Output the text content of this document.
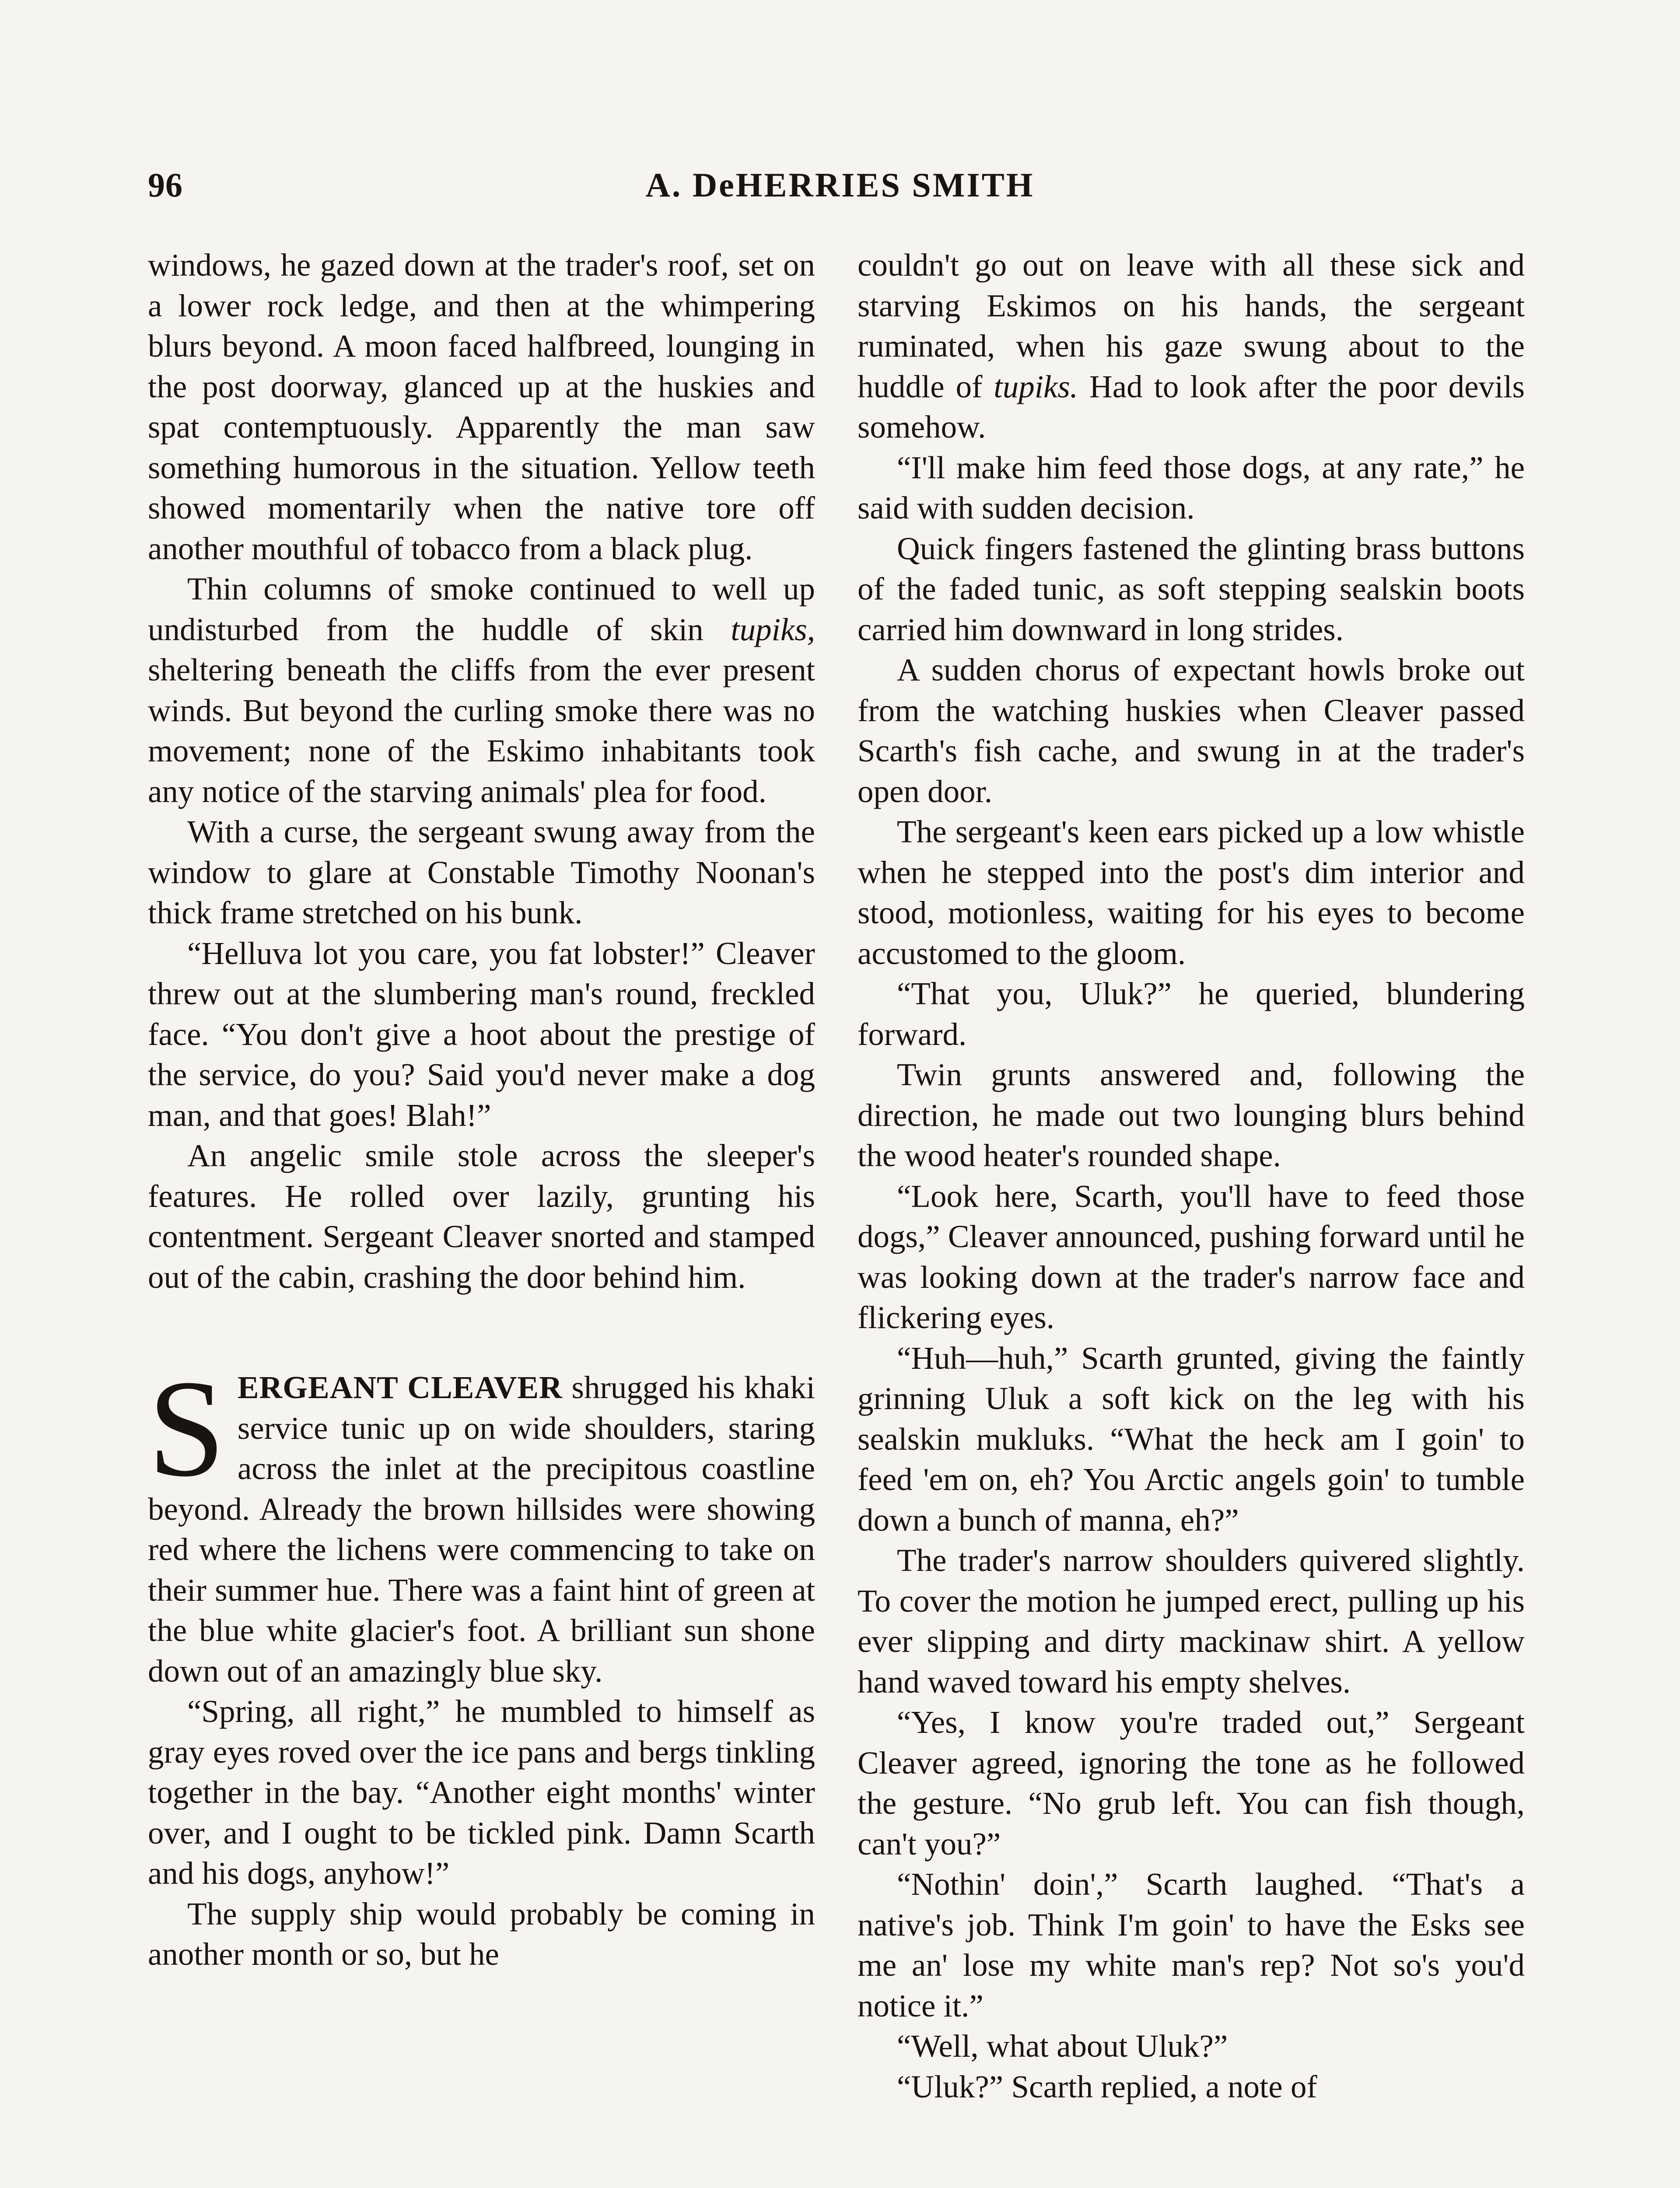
96	A. DeHERRIES SMITH

windows, he gazed down at the trader's roof, set on a lower rock ledge, and then at the whimpering blurs beyond. A moon faced halfbreed, lounging in the post doorway, glanced up at the huskies and spat contemptuously. Apparently the man saw something humorous in the situation. Yellow teeth showed momentarily when the native tore off another mouthful of tobacco from a black plug.

Thin columns of smoke continued to well up undisturbed from the huddle of skin tupiks, sheltering beneath the cliffs from the ever present winds. But beyond the curling smoke there was no movement; none of the Eskimo inhabitants took any notice of the starving animals' plea for food.

With a curse, the sergeant swung away from the window to glare at Constable Timothy Noonan's thick frame stretched on his bunk.

“Helluva lot you care, you fat lobster!” Cleaver threw out at the slumbering man's round, freckled face. “You don't give a hoot about the prestige of the service, do you? Said you'd never make a dog man, and that goes! Blah!”

An angelic smile stole across the sleeper's features. He rolled over lazily, grunting his contentment. Sergeant Cleaver snorted and stamped out of the cabin, crashing the door behind him.

SERGEANT CLEAVER shrugged his khaki service tunic up on wide shoulders, staring across the inlet at the precipitous coastline beyond. Already the brown hillsides were showing red where the lichens were commencing to take on their summer hue. There was a faint hint of green at the blue white glacier's foot. A brilliant sun shone down out of an amazingly blue sky.

“Spring, all right,” he mumbled to himself as gray eyes roved over the ice pans and bergs tinkling together in the bay. “Another eight months' winter over, and I ought to be tickled pink. Damn Scarth and his dogs, anyhow!”

The supply ship would probably be coming in another month or so, but he

couldn't go out on leave with all these sick and starving Eskimos on his hands, the sergeant ruminated, when his gaze swung about to the huddle of tupiks. Had to look after the poor devils somehow.

“I'll make him feed those dogs, at any rate,” he said with sudden decision.

Quick fingers fastened the glinting brass buttons of the faded tunic, as soft stepping sealskin boots carried him downward in long strides.

A sudden chorus of expectant howls broke out from the watching huskies when Cleaver passed Scarth's fish cache, and swung in at the trader's open door.

The sergeant's keen ears picked up a low whistle when he stepped into the post's dim interior and stood, motionless, waiting for his eyes to become accustomed to the gloom.

“That you, Uluk?” he queried, blundering forward.

Twin grunts answered and, following the direction, he made out two lounging blurs behind the wood heater's rounded shape.

“Look here, Scarth, you'll have to feed those dogs,” Cleaver announced, pushing forward until he was looking down at the trader's narrow face and flickering eyes.

“Huh—huh,” Scarth grunted, giving the faintly grinning Uluk a soft kick on the leg with his sealskin mukluks. “What the heck am I goin' to feed 'em on, eh? You Arctic angels goin' to tumble down a bunch of manna, eh?”

The trader's narrow shoulders quivered slightly. To cover the motion he jumped erect, pulling up his ever slipping and dirty mackinaw shirt. A yellow hand waved toward his empty shelves.

“Yes, I know you're traded out,” Sergeant Cleaver agreed, ignoring the tone as he followed the gesture. “No grub left. You can fish though, can't you?”

“Nothin' doin',” Scarth laughed. “That's a native's job. Think I'm goin' to have the Esks see me an' lose my white man's rep? Not so's you'd notice it.”

“Well, what about Uluk?”

“Uluk?” Scarth replied, a note of
